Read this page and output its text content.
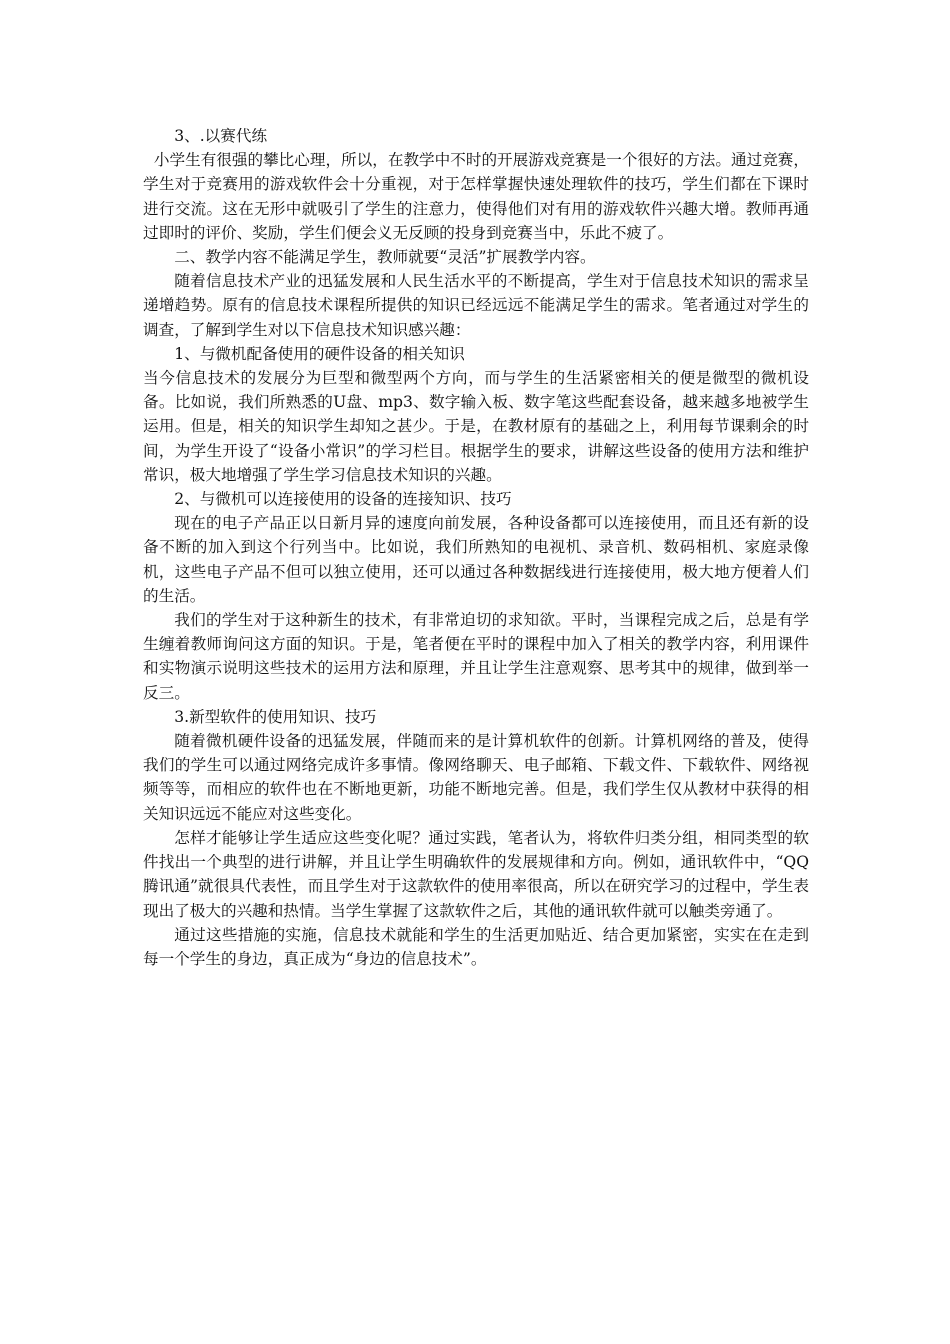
3、.以赛代练

小学生有很强的攀比心理，所以，在教学中不时的开展游戏竞赛是一个很好的方法。通过竞赛，学生对于竞赛用的游戏软件会十分重视，对于怎样掌握快速处理软件的技巧，学生们都在下课时进行交流。这在无形中就吸引了学生的注意力，使得他们对有用的游戏软件兴趣大增。教师再通过即时的评价、奖励，学生们便会义无反顾的投身到竞赛当中，乐此不疲了。

二、教学内容不能满足学生，教师就要“灵活”扩展教学内容。

随着信息技术产业的迅猛发展和人民生活水平的不断提高，学生对于信息技术知识的需求呈递增趋势。原有的信息技术课程所提供的知识已经远远不能满足学生的需求。笔者通过对学生的调查，了解到学生对以下信息技术知识感兴趣：

1、与微机配备使用的硬件设备的相关知识

当今信息技术的发展分为巨型和微型两个方向，而与学生的生活紧密相关的便是微型的微机设备。比如说，我们所熟悉的U盘、mp3、数字输入板、数字笔这些配套设备，越来越多地被学生运用。但是，相关的知识学生却知之甚少。于是，在教材原有的基础之上，利用每节课剩余的时间，为学生开设了“设备小常识”的学习栏目。根据学生的要求，讲解这些设备的使用方法和维护常识，极大地增强了学生学习信息技术知识的兴趣。

2、与微机可以连接使用的设备的连接知识、技巧

现在的电子产品正以日新月异的速度向前发展，各种设备都可以连接使用，而且还有新的设备不断的加入到这个行列当中。比如说，我们所熟知的电视机、录音机、数码相机、家庭录像机，这些电子产品不但可以独立使用，还可以通过各种数据线进行连接使用，极大地方便着人们的生活。

我们的学生对于这种新生的技术，有非常迫切的求知欲。平时，当课程完成之后，总是有学生缠着教师询问这方面的知识。于是，笔者便在平时的课程中加入了相关的教学内容，利用课件和实物演示说明这些技术的运用方法和原理，并且让学生注意观察、思考其中的规律，做到举一反三。

3.新型软件的使用知识、技巧

随着微机硬件设备的迅猛发展，伴随而来的是计算机软件的创新。计算机网络的普及，使得我们的学生可以通过网络完成许多事情。像网络聊天、电子邮箱、下载文件、下载软件、网络视频等等，而相应的软件也在不断地更新，功能不断地完善。但是，我们学生仅从教材中获得的相关知识远远不能应对这些变化。

怎样才能够让学生适应这些变化呢？通过实践，笔者认为，将软件归类分组，相同类型的软件找出一个典型的进行讲解，并且让学生明确软件的发展规律和方向。例如，通讯软件中，“QQ腾讯通”就很具代表性，而且学生对于这款软件的使用率很高，所以在研究学习的过程中，学生表现出了极大的兴趣和热情。当学生掌握了这款软件之后，其他的通讯软件就可以触类旁通了。

通过这些措施的实施，信息技术就能和学生的生活更加贴近、结合更加紧密，实实在在走到每一个学生的身边，真正成为“身边的信息技术”。
